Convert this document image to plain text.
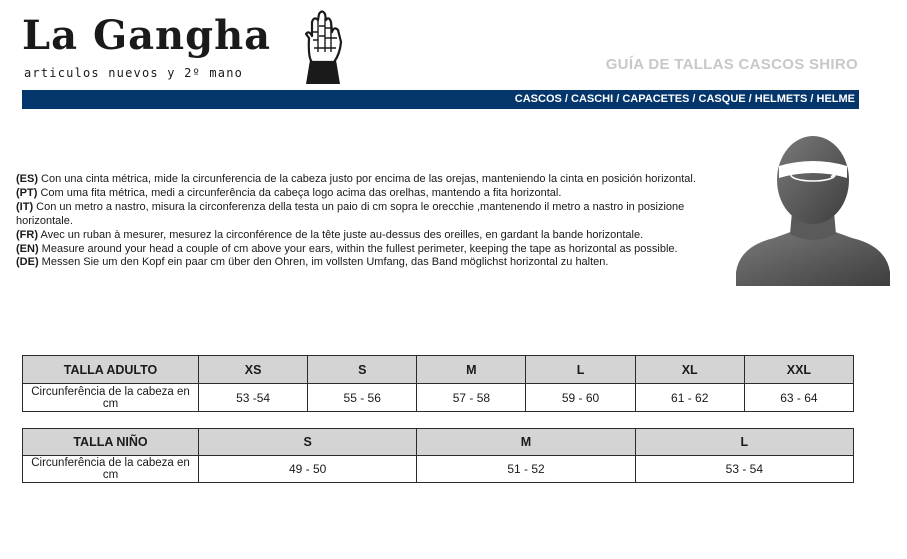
La Gangha
articulos nuevos y 2º mano	GUÍA DE TALLAS CASCOS SHIRO
CASCOS / CASCHI / CAPACETES / CASQUE / HELMETS / HELME

(ES) Con una cinta métrica, mide la circunferencia de la cabeza justo por encima de las orejas, manteniendo la cinta en posición horizontal.

(PT) Com uma fita métrica, medi a circunferência da cabeça logo acima das orelhas, mantendo a fita horizontal.

(IT) Con un metro a nastro, misura la circonferenza della testa un paio di cm sopra le orecchie ,mantenendo il metro a nastro in posizione horizontale.

(FR) Avec un ruban à mesurer, mesurez la circonférence de la tête juste au-dessus des oreilles, en gardant la bande horizontale.

(EN) Measure around your head a couple of cm above your ears, within the fullest perimeter, keeping the tape as horizontal as possible.

(DE) Messen Sie um den Kopf ein paar cm über den Ohren, im vollsten Umfang, das Band möglichst horizontal zu halten.

TALLA ADULTO	XS	S	M	L	XL	XXL
Circunferência de la cabeza en cm	53 -54	55 - 56	57 - 58	59 - 60	61 - 62	63 - 64
TALLA NIÑO	S	M	L
Circunferência de la cabeza en cm	49 - 50	51 - 52	53 - 54
